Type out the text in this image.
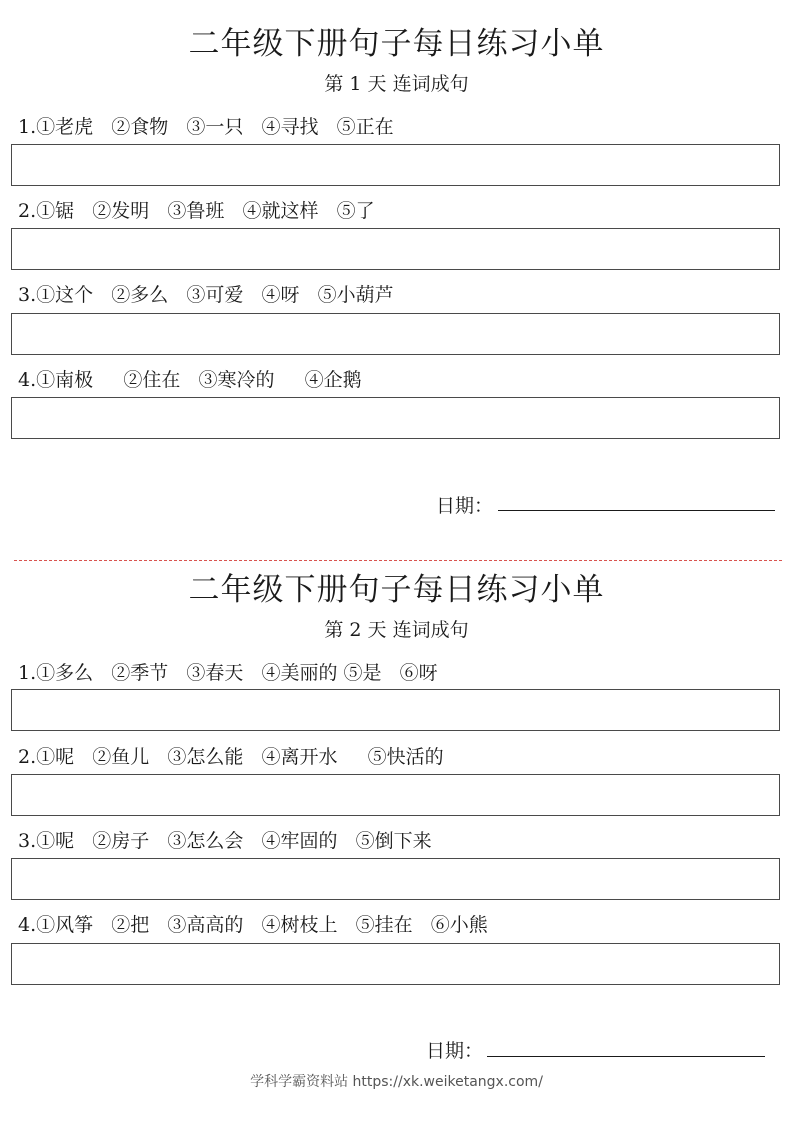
二年级下册句子每日练习小单
第 1 天 连词成句
1.①老虎   ②食物   ③一只   ④寻找   ⑤正在
2.①锯   ②发明   ③鲁班   ④就这样   ⑤了
3.①这个   ②多么   ③可爱   ④呀   ⑤小葫芦
4.①南极     ②住在   ③寒冷的     ④企鹅
日期：
二年级下册句子每日练习小单
第 2 天 连词成句
1.①多么   ②季节   ③春天   ④美丽的 ⑤是   ⑥呀
2.①呢   ②鱼儿   ③怎么能   ④离开水     ⑤快活的
3.①呢   ②房子   ③怎么会   ④牢固的   ⑤倒下来
4.①风筝   ②把   ③高高的   ④树枝上   ⑤挂在   ⑥小熊
日期：
学科学霸资料站 https://xk.weiketangx.com/
